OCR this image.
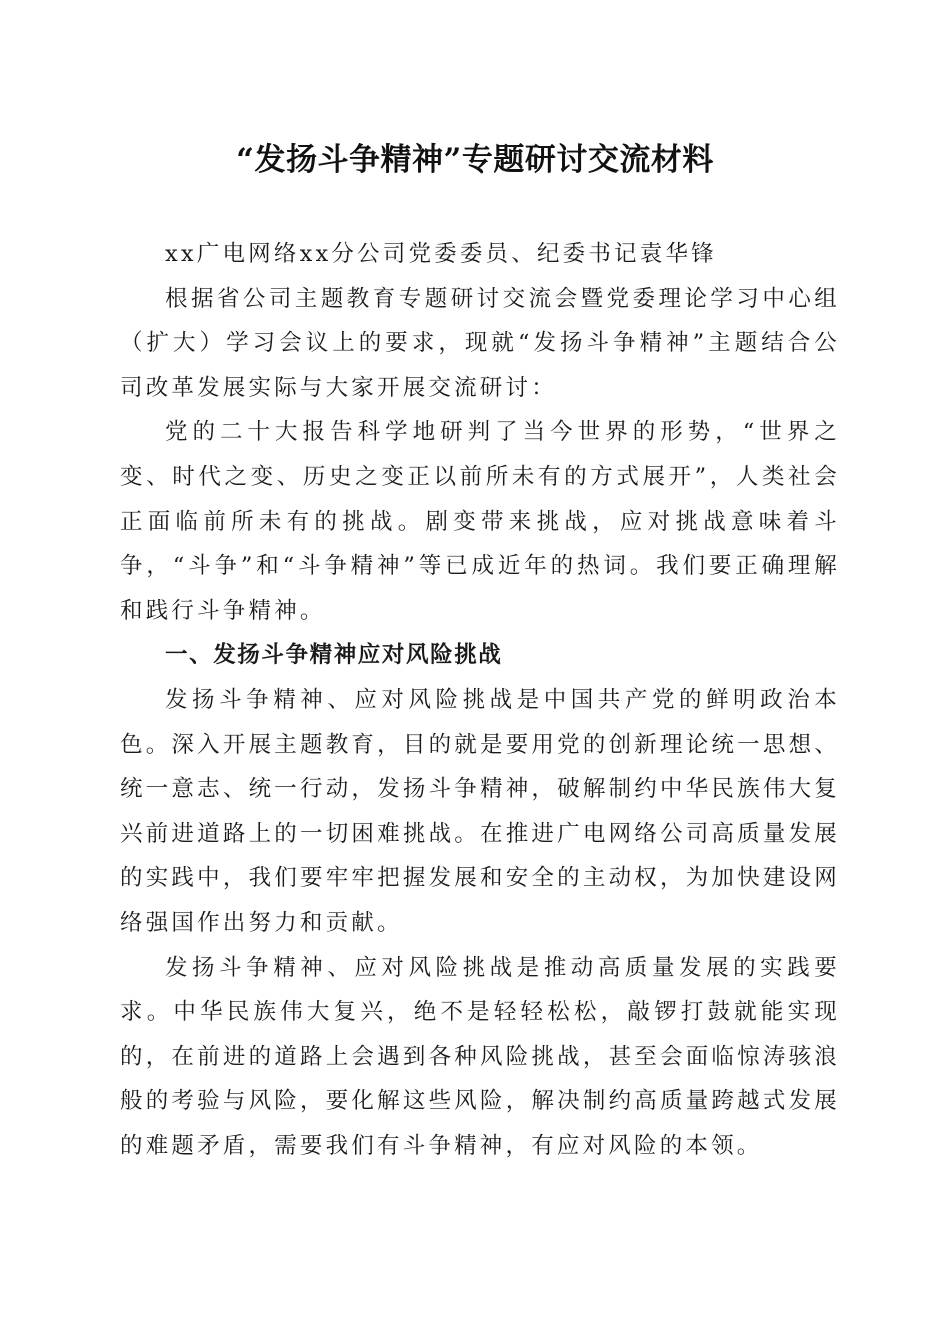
“发扬斗争精神”专题研讨交流材料

xx广电网络xx分公司党委委员、纪委书记袁华锋

根据省公司主题教育专题研讨交流会暨党委理论学习中心组（扩大）学习会议上的要求，现就“发扬斗争精神”主题结合公司改革发展实际与大家开展交流研讨：

党的二十大报告科学地研判了当今世界的形势，“世界之变、时代之变、历史之变正以前所未有的方式展开”，人类社会正面临前所未有的挑战。剧变带来挑战，应对挑战意味着斗争，“斗争”和“斗争精神”等已成近年的热词。我们要正确理解和践行斗争精神。

一、发扬斗争精神应对风险挑战

发扬斗争精神、应对风险挑战是中国共产党的鲜明政治本色。深入开展主题教育，目的就是要用党的创新理论统一思想、统一意志、统一行动，发扬斗争精神，破解制约中华民族伟大复兴前进道路上的一切困难挑战。在推进广电网络公司高质量发展的实践中，我们要牢牢把握发展和安全的主动权，为加快建设网络强国作出努力和贡献。

发扬斗争精神、应对风险挑战是推动高质量发展的实践要求。中华民族伟大复兴，绝不是轻轻松松，敲锣打鼓就能实现的，在前进的道路上会遇到各种风险挑战，甚至会面临惊涛骇浪般的考验与风险，要化解这些风险，解决制约高质量跨越式发展的难题矛盾，需要我们有斗争精神，有应对风险的本领。
